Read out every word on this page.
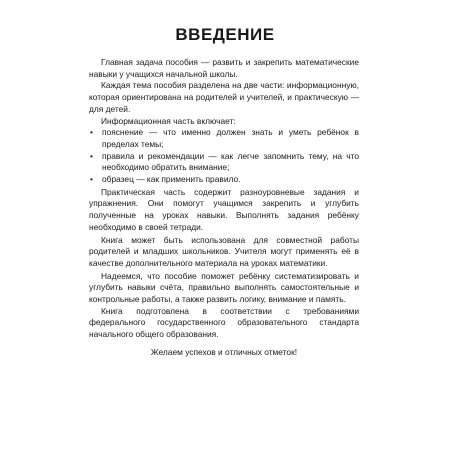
ВВЕДЕНИЕ

Главная задача пособия — развить и закрепить математические навыки у учащихся начальной школы.

Каждая тема пособия разделена на две части: информационную, которая ориентирована на родителей и учителей, и практическую — для детей.

Информационная часть включает:

• пояснение — что именно должен знать и уметь ребёнок в пределах темы;
• правила и рекомендации — как легче запомнить тему, на что необходимо обратить внимание;
• образец — как применить правило.

Практическая часть содержит разноуровневые задания и упражнения. Они помогут учащимся закрепить и углубить полученные на уроках навыки. Выполнять задания ребёнку необходимо в своей тетради.

Книга может быть использована для совместной работы родителей и младших школьников. Учителя могут применять её в качестве дополнительного материала на уроках математики.

Надеемся, что пособие поможет ребёнку систематизировать и углубить навыки счёта, правильно выполнять самостоятельные и контрольные работы, а также развить логику, внимание и память.

Книга подготовлена в соответствии с требованиями федерального государственного образовательного стандарта начального общего образования.

Желаем успехов и отличных отметок!
